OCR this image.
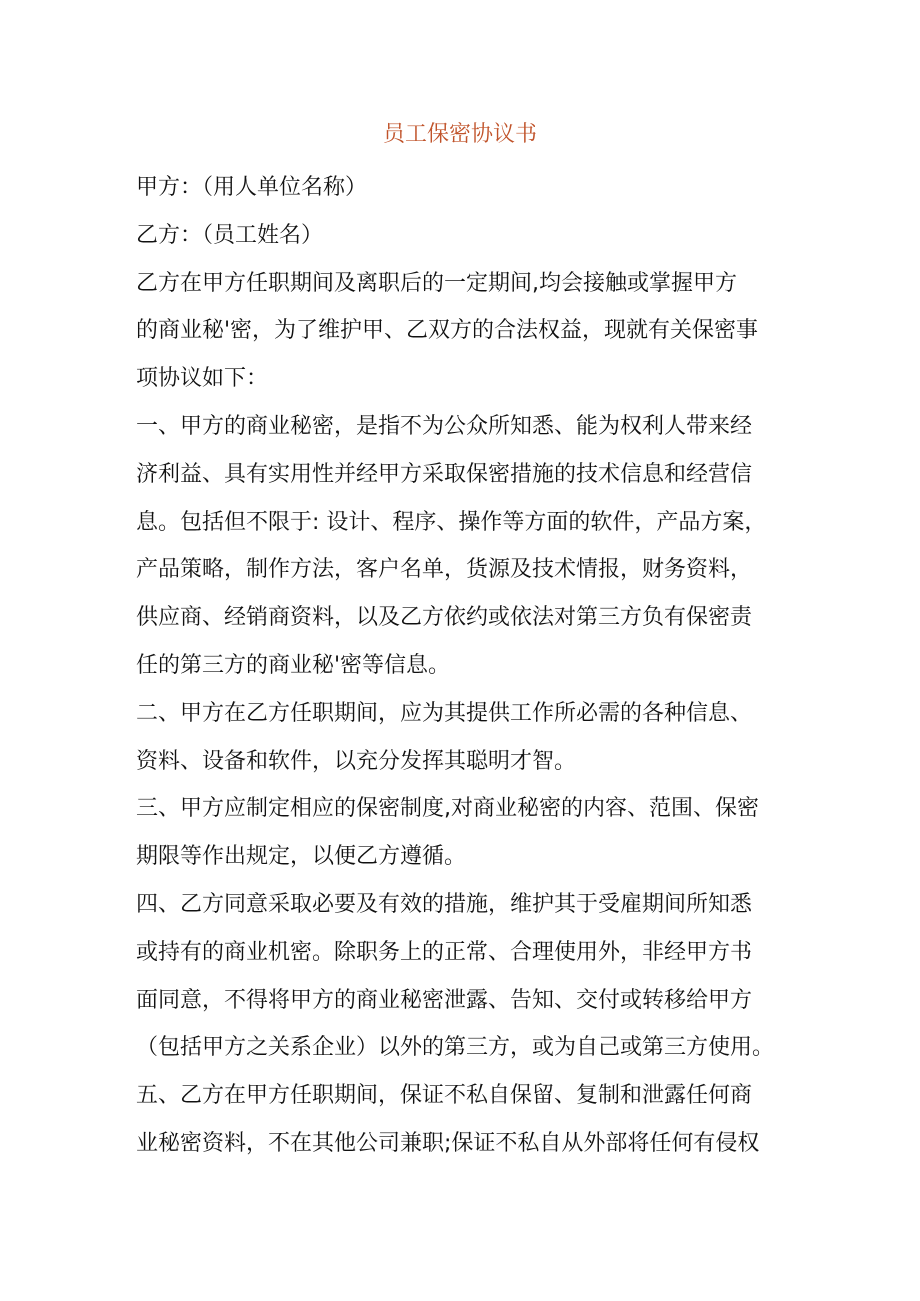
员工保密协议书
甲方：（用人单位名称）
乙方：（员工姓名）
乙方在甲方任职期间及离职后的一定期间,均会接触或掌握甲方
的商业秘'密，为了维护甲、乙双方的合法权益，现就有关保密事
项协议如下：
一、甲方的商业秘密，是指不为公众所知悉、能为权利人带来经
济利益、具有实用性并经甲方采取保密措施的技术信息和经营信
息。包括但不限于: 设计、程序、操作等方面的软件，产品方案，
产品策略，制作方法，客户名单，货源及技术情报，财务资料，
供应商、经销商资料，以及乙方依约或依法对第三方负有保密责
任的第三方的商业秘'密等信息。
二、甲方在乙方任职期间，应为其提供工作所必需的各种信息、
资料、设备和软件，以充分发挥其聪明才智。
三、甲方应制定相应的保密制度,对商业秘密的内容、范围、保密
期限等作出规定，以便乙方遵循。
四、乙方同意采取必要及有效的措施，维护其于受雇期间所知悉
或持有的商业机密。除职务上的正常、合理使用外，非经甲方书
面同意，不得将甲方的商业秘密泄露、告知、交付或转移给甲方
（包括甲方之关系企业）以外的第三方，或为自己或第三方使用。
五、乙方在甲方任职期间，保证不私自保留、复制和泄露任何商
业秘密资料，不在其他公司兼职;保证不私自从外部将任何有侵权
